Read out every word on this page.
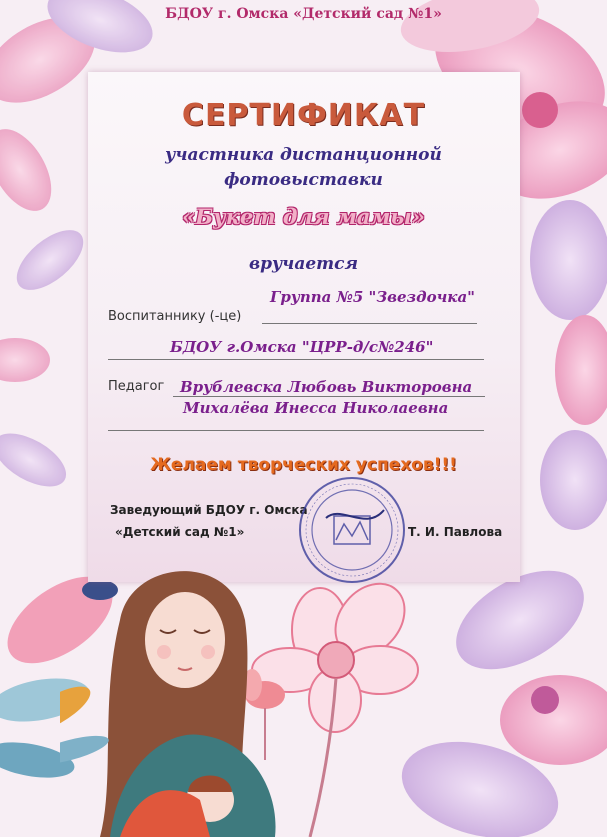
БДОУ г. Омска «Детский сад №1»
СЕРТИФИКАТ
участника дистанционной
фотовыставки
«Букет для мамы»
вручается
Воспитаннику (-це)
Группа №5 "Звездочка"
БДОУ г.Омска "ЦРР-д/с№246"
Педагог Врублевска Любовь Викторовна
Михалёва Инесса Николаевна
Желаем творческих успехов!!!
Заведующий БДОУ г. Омска
«Детский сад №1»	Т. И. Павлова
